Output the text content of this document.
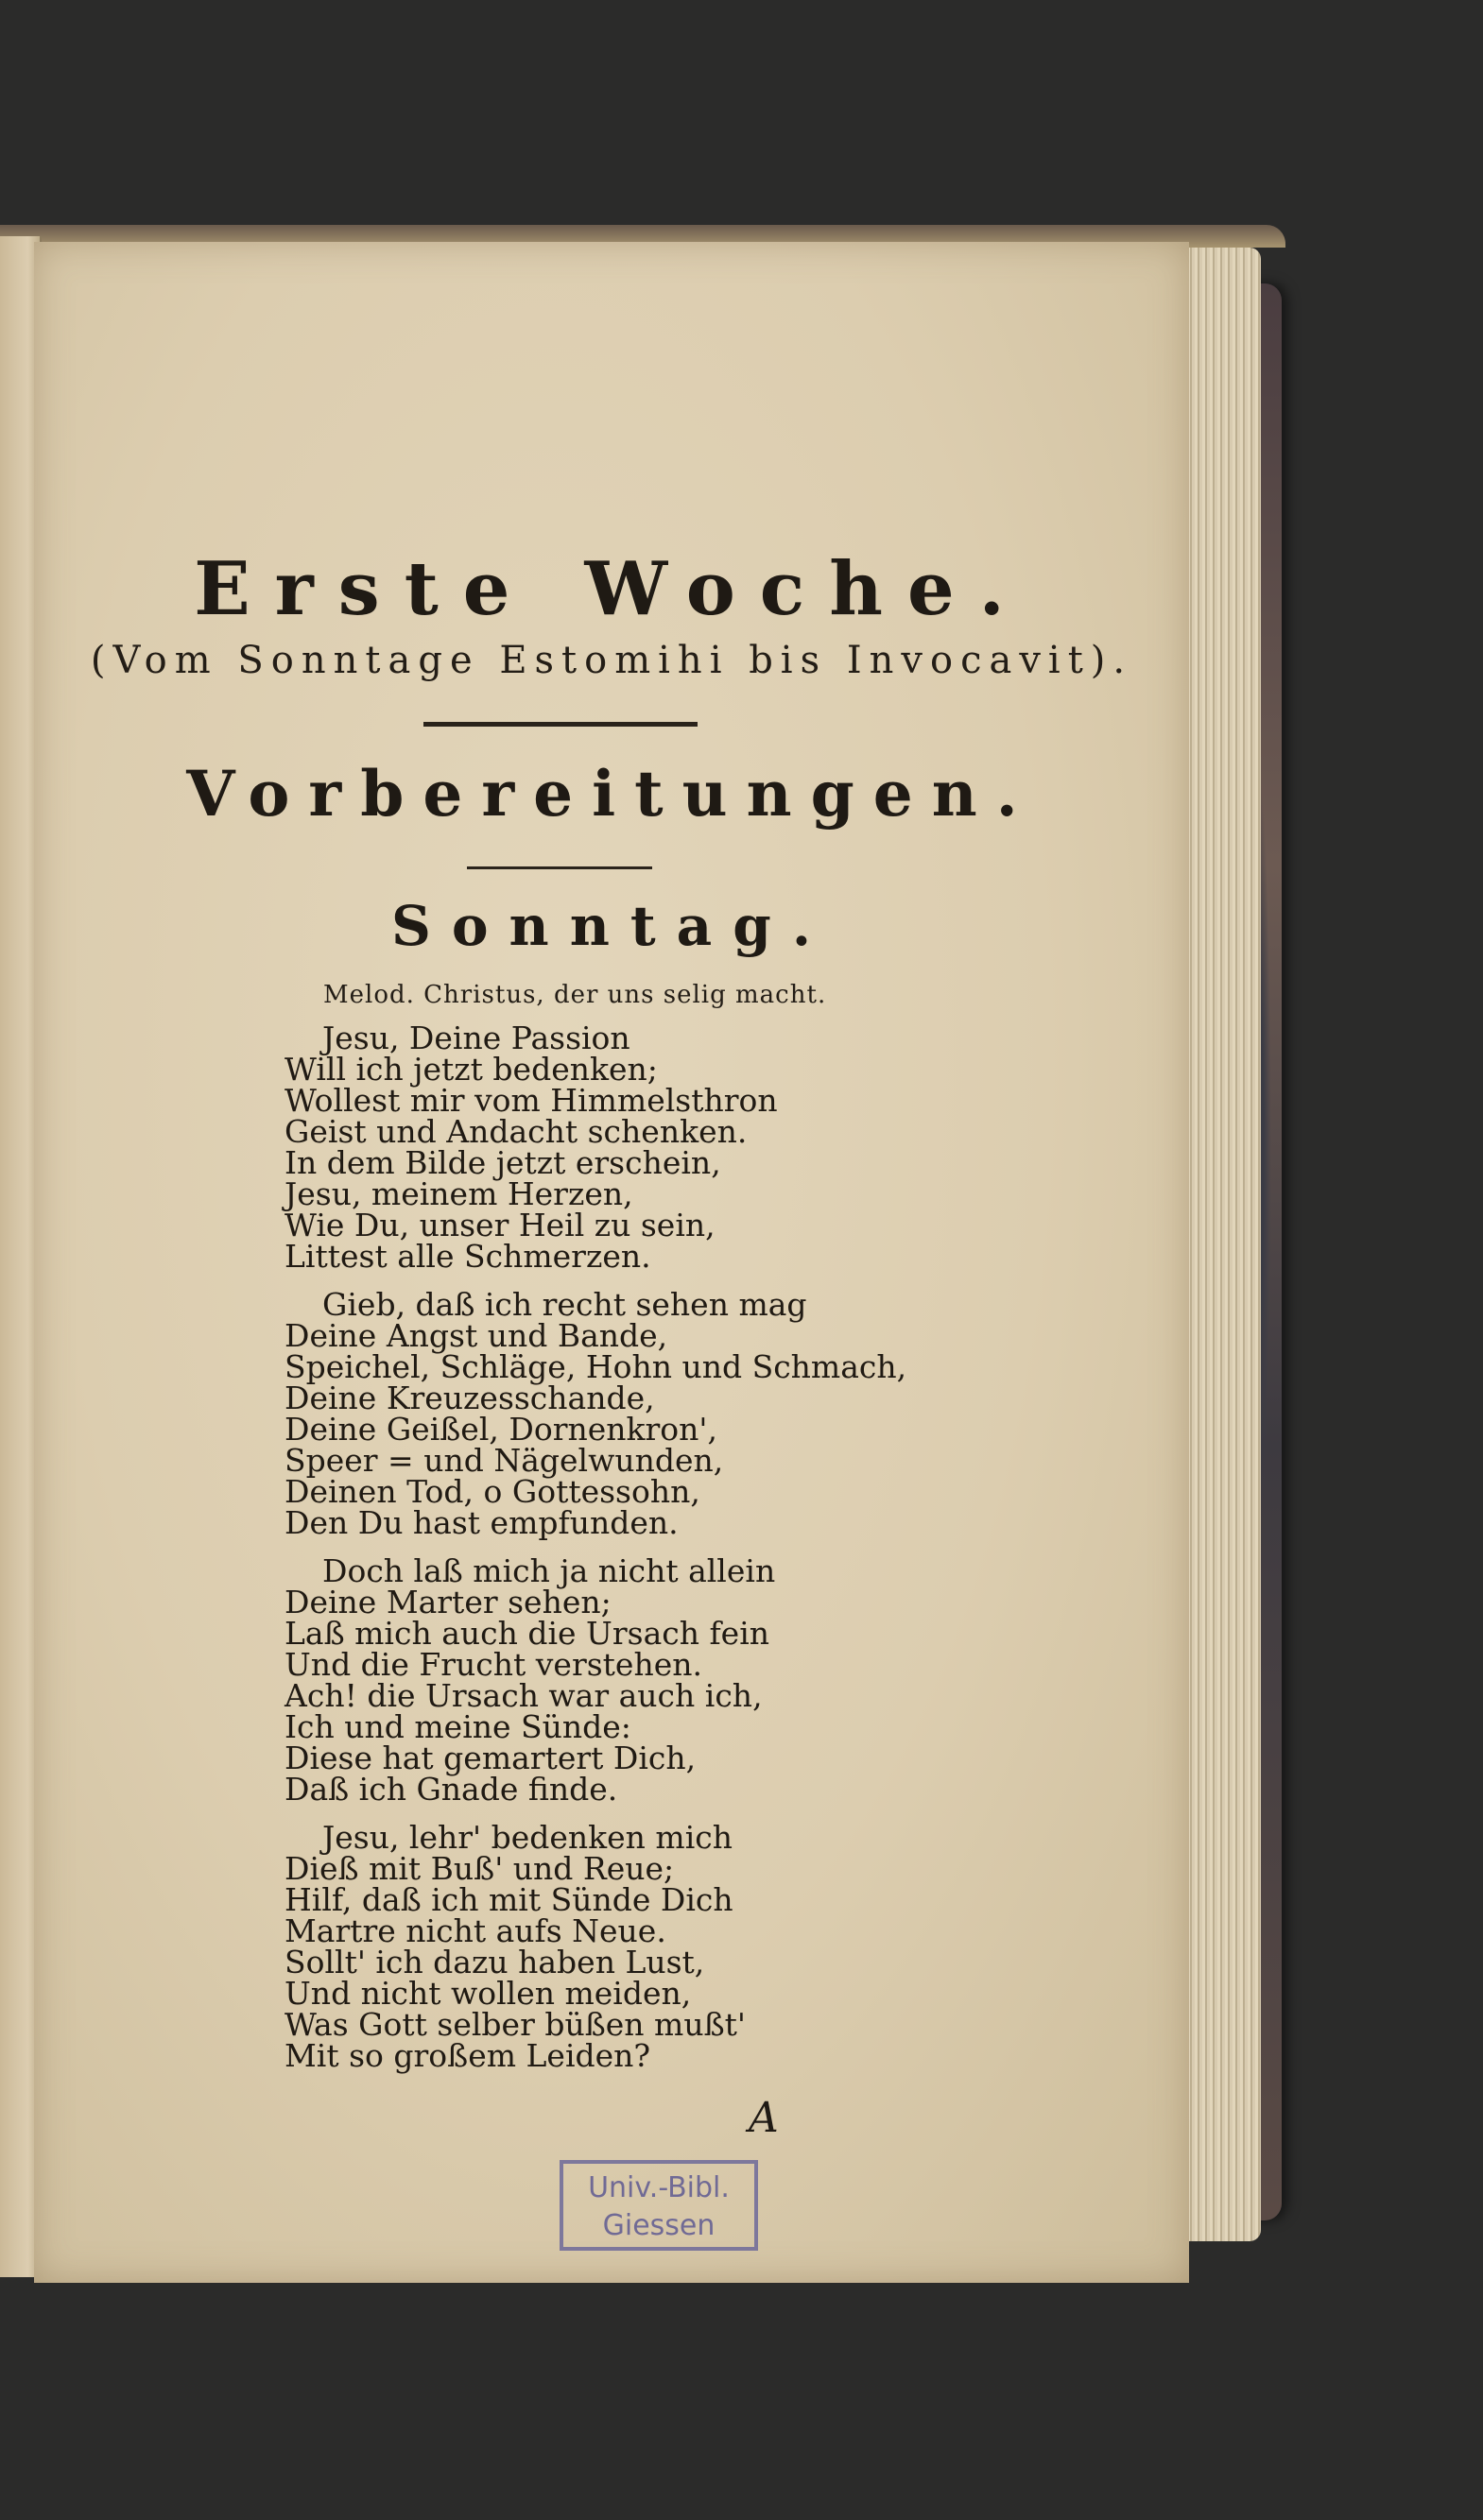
Erste Woche.
(Vom Sonntage Estomihi bis Invocavit).
Vorbereitungen.
Sonntag.
Melod. Christus, der uns selig macht.
Jesu, Deine Passion
Will ich jetzt bedenken;
Wollest mir vom Himmelsthron
Geist und Andacht schenken.
In dem Bilde jetzt erschein,
Jesu, meinem Herzen,
Wie Du, unser Heil zu sein,
Littest alle Schmerzen.
Gieb, daß ich recht sehen mag
Deine Angst und Bande,
Speichel, Schläge, Hohn und Schmach,
Deine Kreuzesschande,
Deine Geißel, Dornenkron',
Speer = und Nägelwunden,
Deinen Tod, o Gottessohn,
Den Du hast empfunden.
Doch laß mich ja nicht allein
Deine Marter sehen;
Laß mich auch die Ursach fein
Und die Frucht verstehen.
Ach! die Ursach war auch ich,
Ich und meine Sünde:
Diese hat gemartert Dich,
Daß ich Gnade finde.
Jesu, lehr' bedenken mich
Dieß mit Buß' und Reue;
Hilf, daß ich mit Sünde Dich
Martre nicht aufs Neue.
Sollt' ich dazu haben Lust,
Und nicht wollen meiden,
Was Gott selber büßen mußt'
Mit so großem Leiden?
A
Univ.-Bibl.
Giessen
